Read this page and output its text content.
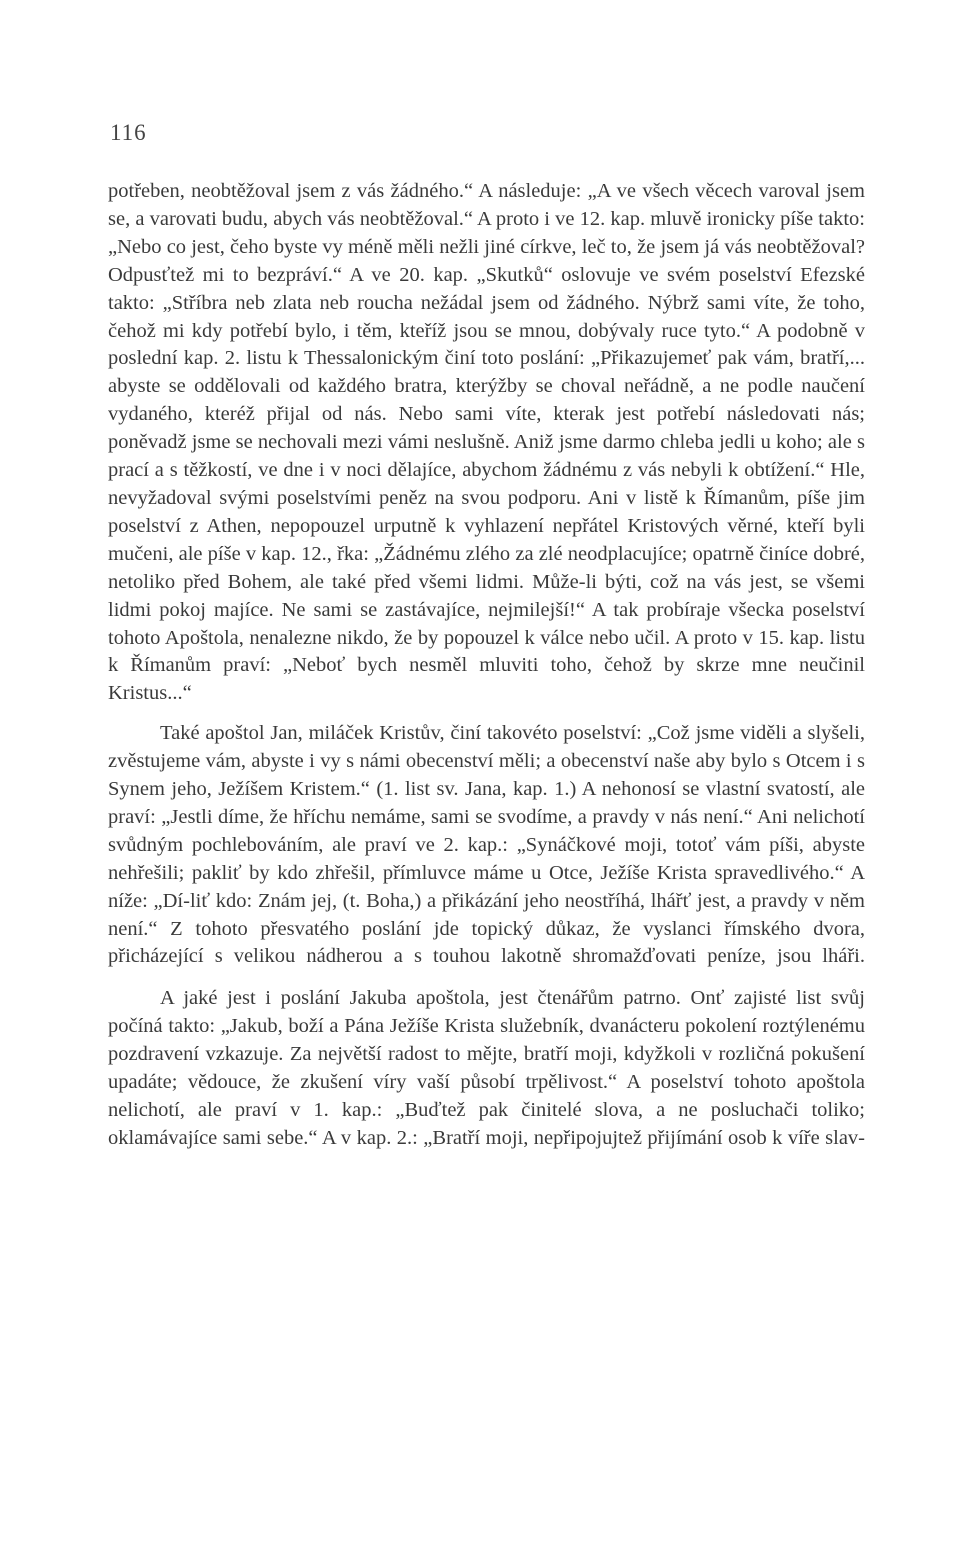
116

potřeben, neobtěžoval jsem z vás žádného.“ A následuje: „A ve všech věcech varoval jsem se, a varovati budu, abych vás neobtěžoval.“ A proto i ve 12. kap. mluvě ironicky píše takto: „Nebo co jest, čeho byste vy méně měli nežli jiné církve, leč to, že jsem já vás neobtěžoval? Odpusťtež mi to bezpráví.“ A ve 20. kap. „Skutků“ oslovuje ve svém poselství Efezské takto: „Stříbra neb zlata neb roucha nežádal jsem od žádného. Nýbrž sami víte, že toho, čehož mi kdy potřebí bylo, i těm, kteříž jsou se mnou, dobývaly ruce tyto.“ A podobně v poslední kap. 2. listu k Thessalonickým činí toto poslání: „Přikazujemeť pak vám, bratří,... abyste se oddělovali od každého bratra, kterýžby se choval neřádně, a ne podle naučení vydaného, kteréž přijal od nás. Nebo sami víte, kterak jest potřebí následovati nás; poněvadž jsme se nechovali mezi vámi neslušně. Aniž jsme darmo chleba jedli u koho; ale s prací a s těžkostí, ve dne i v noci dělajíce, abychom žádnému z vás nebyli k obtížení.“ Hle, nevyžadoval svými poselstvími peněz na svou podporu. Ani v listě k Římanům, píše jim poselství z Athen, nepopouzel urputně k vyhlazení nepřátel Kristových věrné, kteří byli mučeni, ale píše v kap. 12., řka: „Žádnému zlého za zlé neodplacujíce; opatrně činíce dobré, netoliko před Bohem, ale také před všemi lidmi. Může-li býti, což na vás jest, se všemi lidmi pokoj majíce. Ne sami se zastávajíce, nejmilejší!“ A tak probíraje všecka poselství tohoto Apoštola, nenalezne nikdo, že by popouzel k válce nebo učil. A proto v 15. kap. listu k Římanům praví: „Neboť bych nesměl mluviti toho, čehož by skrze mne neučinil Kristus...“

Také apoštol Jan, miláček Kristův, činí takovéto poselství: „Což jsme viděli a slyšeli, zvěstujeme vám, abyste i vy s námi obecenství měli; a obecenství naše aby bylo s Otcem i s Synem jeho, Ježíšem Kristem.“ (1. list sv. Jana, kap. 1.) A nehonosí se vlastní svatostí, ale praví: „Jestli díme, že hříchu nemáme, sami se svodíme, a pravdy v nás není.“ Ani nelichotí svůdným pochlebováním, ale praví ve 2. kap.: „Synáčkové moji, totoť vám píši, abyste nehřešili; pakliť by kdo zhřešil, přímluvce máme u Otce, Ježíše Krista spravedlivého.“ A níže: „Dí-liť kdo: Znám jej, (t. Boha,) a přikázání jeho neostříhá, lhářť jest, a pravdy v něm není.“ Z tohoto přesvatého poslání jde topický důkaz, že vyslanci římského dvora, přicházející s velikou nádherou a s touhou lakotně shromažďovati peníze, jsou lháři.

A jaké jest i poslání Jakuba apoštola, jest čtenářům patrno. Onť zajisté list svůj počíná takto: „Jakub, boží a Pána Ježíše Krista služebník, dvanácteru pokolení roztýlenému pozdravení vzkazuje. Za největší radost to mějte, bratří moji, kdyžkoli v rozličná pokušení upadáte; vědouce, že zkušení víry vaší působí trpělivost.“ A poselství tohoto apoštola nelichotí, ale praví v 1. kap.: „Buďtež pak činitelé slova, a ne posluchači toliko; oklamávajíce sami sebe.“ A v kap. 2.: „Bratří moji, nepřipojujtež přijímání osob k víře slav-
